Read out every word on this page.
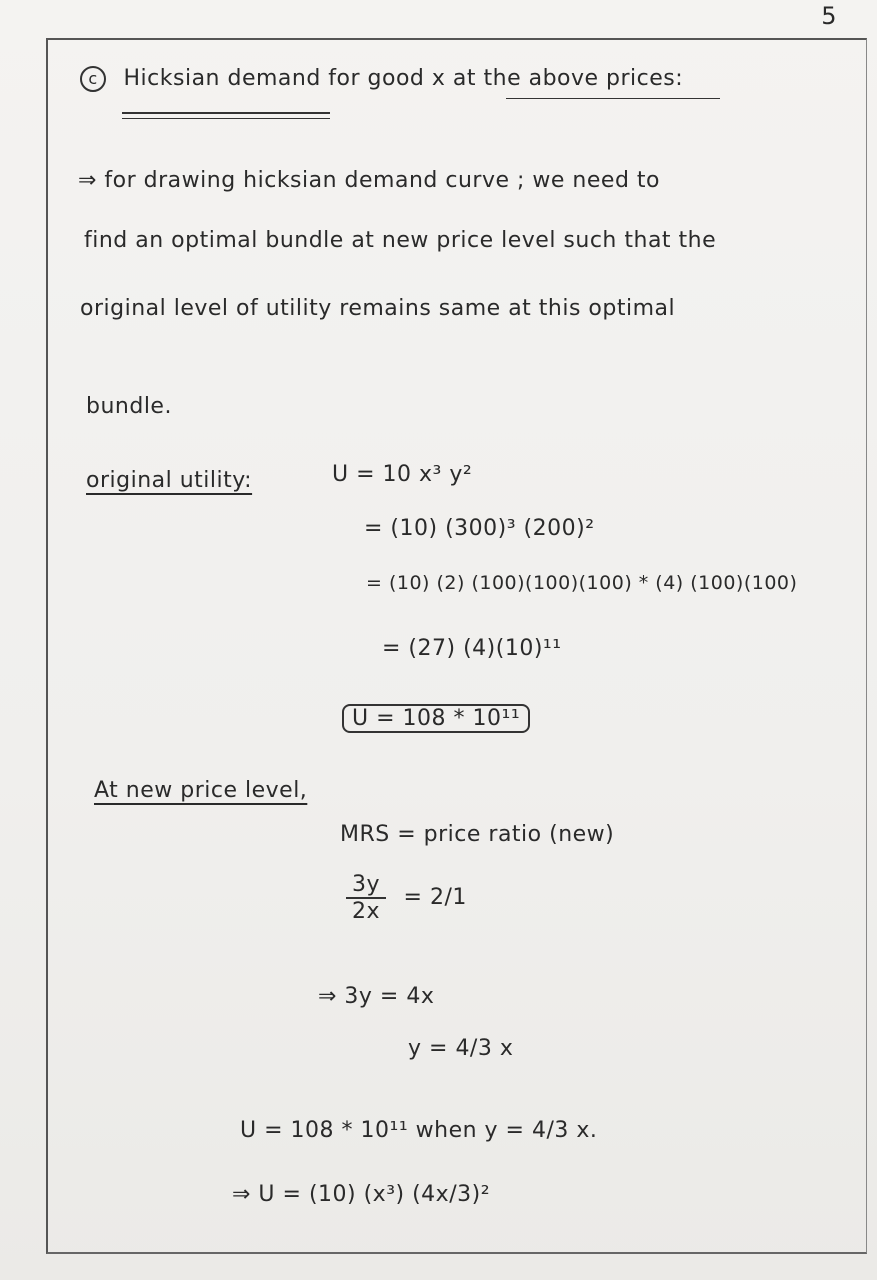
5
c Hicksian demand for good x at the above prices:
⇒ for drawing hicksian demand curve ; we need to
find an optimal bundle at new price level such that the
original level of utility remains same at this optimal
bundle.
original utility:	U = 10 x³ y²
= (10) (300)³ (200)²
= (10) (2) (100)(100)(100) * (4) (100)(100)
= (27) (4)(10)¹¹
U = 108 * 10¹¹
At new price level,
MRS = price ratio (new)
$\frac{3y}{2x} = 2/1$
⇒ 3y = 4x
y = 4/3 x
U = 108 * 10¹¹ when y = 4/3 x.
⇒ U = (10) (x³) (4x/3)²
